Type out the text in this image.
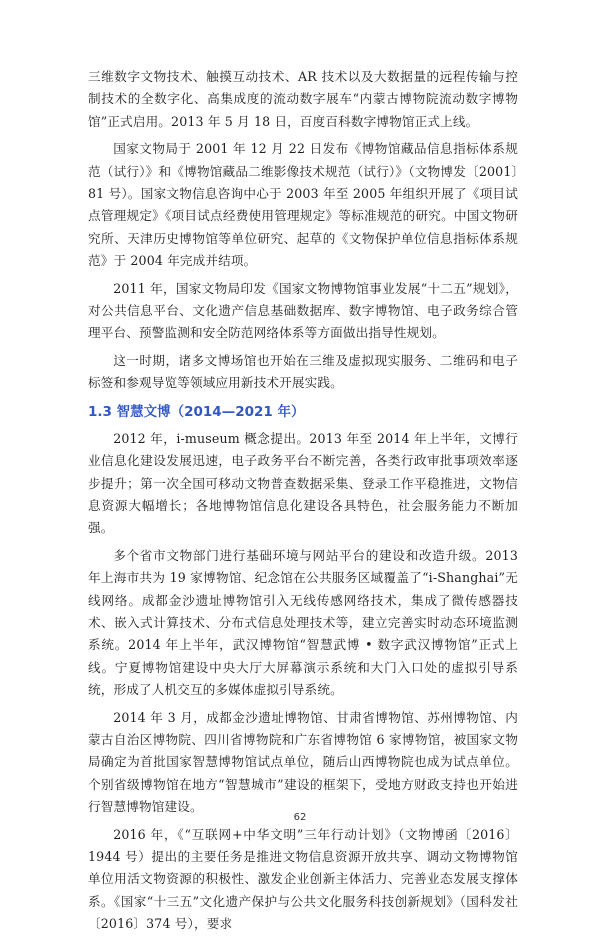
三维数字文物技术、触摸互动技术、AR 技术以及大数据量的远程传输与控制技术的全数字化、高集成度的流动数字展车“内蒙古博物院流动数字博物馆”正式启用。2013 年 5 月 18 日，百度百科数字博物馆正式上线。

国家文物局于 2001 年 12 月 22 日发布《博物馆藏品信息指标体系规范（试行）》和《博物馆藏品二维影像技术规范（试行）》（文物博发〔2001〕81 号）。国家文物信息咨询中心于 2003 年至 2005 年组织开展了《项目试点管理规定》《项目试点经费使用管理规定》等标准规范的研究。中国文物研究所、天津历史博物馆等单位研究、起草的《文物保护单位信息指标体系规范》于 2004 年完成并结项。

2011 年，国家文物局印发《国家文物博物馆事业发展“十二五”规划》，对公共信息平台、文化遗产信息基础数据库、数字博物馆、电子政务综合管理平台、预警监测和安全防范网络体系等方面做出指导性规划。

这一时期，诸多文博场馆也开始在三维及虚拟现实服务、二维码和电子标签和参观导览等领域应用新技术开展实践。

1.3 智慧文博（2014—2021 年）

2012 年，i-museum 概念提出。2013 年至 2014 年上半年，文博行业信息化建设发展迅速，电子政务平台不断完善，各类行政审批事项效率逐步提升；第一次全国可移动文物普查数据采集、登录工作平稳推进，文物信息资源大幅增长；各地博物馆信息化建设各具特色，社会服务能力不断加强。

多个省市文物部门进行基础环境与网站平台的建设和改造升级。2013 年上海市共为 19 家博物馆、纪念馆在公共服务区域覆盖了“i-Shanghai”无线网络。成都金沙遗址博物馆引入无线传感网络技术，集成了微传感器技术、嵌入式计算技术、分布式信息处理技术等，建立完善实时动态环境监测系统。2014 年上半年，武汉博物馆“智慧武博 • 数字武汉博物馆”正式上线。宁夏博物馆建设中央大厅大屏幕演示系统和大门入口处的虚拟引导系统，形成了人机交互的多媒体虚拟引导系统。

2014 年 3 月，成都金沙遗址博物馆、甘肃省博物馆、苏州博物馆、内蒙古自治区博物院、四川省博物院和广东省博物馆 6 家博物馆，被国家文物局确定为首批国家智慧博物馆试点单位，随后山西博物院也成为试点单位。个别省级博物馆在地方“智慧城市”建设的框架下，受地方财政支持也开始进行智慧博物馆建设。

2016 年，《“互联网+中华文明”三年行动计划》（文物博函〔2016〕1944 号）提出的主要任务是推进文物信息资源开放共享、调动文物博物馆单位用活文物资源的积极性、激发企业创新主体活力、完善业态发展支撑体系。《国家“十三五”文化遗产保护与公共文化服务科技创新规划》（国科发社〔2016〕374 号），要求

62
